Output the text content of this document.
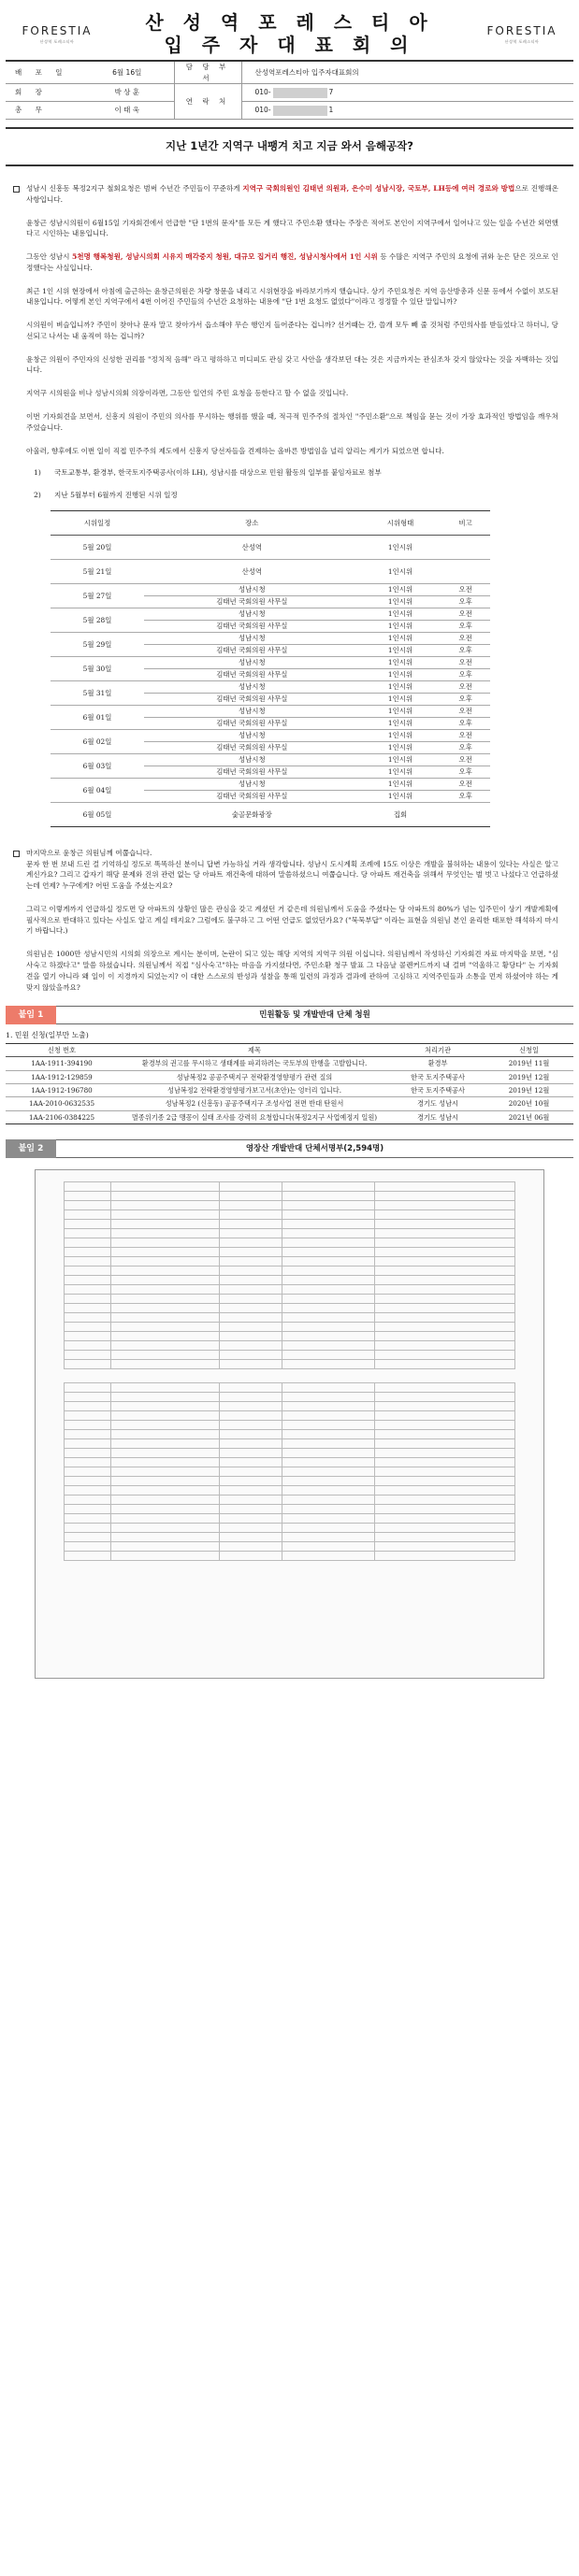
FORESTIA
산성역 포레스티아
산 성 역 포 레 스 티 아
입 주 자 대 표 회 의
FORESTIA
산성역 포레스티아
배 포 일	6월 16일	담 당 부 서	산성역포레스티아 입주자대표회의
회 장	박 상 훈	연 락 처	010- 7
총 무	이 태 욱		010- 1
지난 1년간 지역구 내팽겨 치고 지금 와서 음해공작?

성남시 신흥동 복정2지구 철회요청은 범써 수년간 주민들이 꾸준하게 지역구 국회의원인 김태년 의원과, 은수미 성남시장, 국토부, LH등에 여러 경로와 방법으로 진행해온 사항입니다.

윤창근 성남시의원이 6월15일 기자회견에서 언급한 "단 1번의 문자"를 모든 게 했다고 주민소환 했다는 주장은 적어도 본인이 지역구에서 일어나고 있는 일을 수년간 외면했다고 시인하는 내용입니다.

그동안 성남시 5천명 행복청원, 성남시의회 시유지 매각중지 청원, 대규모 집거리 행진, 성남시청사에서 1인 시위 등 수많은 지역구 주민의 요청에 귀와 눈은 닫은 것으로 인정했다는 사실입니다.

최근 1인 시위 현장에서 아침에 출근하는 윤창근의원은 차량 창문을 내리고 시위현장을 바라보기까지 했습니다. 상기 주민요청은 지역 음산방총과 신문 등에서 수없이 보도된 내용입니다. 어떻게 본인 지역구에서 4번 이어진 주민들의 수년간 요청하는 내용에 "단 1번 요청도 없었다"이라고 정정할 수 있단 말입니까?

시의원이 벼슬입니까? 주민이 찾아나 문자 말고 찾아가서 읍소해야 무슨 행인지 들어준다는 겁니까? 선거때는 간, 쓸개 모두 빼 줄 것처럼 주민의사를 받들었다고 하더니, 당선되고 나서는 내 움직여 하는 겁니까?

윤창근 의원이 주민자의 신성한 권리를 "정치적 음해" 라고 평하하고 미디피도 관심 갖고 사안을 생각보던 대는 것은 지금까지는 관심조차 갖지 않았다는 것을 자백하는 것입니다.

지역구 시의원을 비나 성남시의회 의장이라면, 그동안 일언의 주민 요청을 등한다고 할 수 없을 것입니다.

이번 기자회견을 보면서, 신흥지 의원이 주민의 의사를 무시하는 행위를 했을 때, 적극적 민주주의 절차인 "주민소환"으로 책임을 묻는 것이 가장 효과적인 방법임을 깨우쳐 주었습니다.

아울러, 향후에도 이번 일이 직접 민주주의 제도에서 신흥지 당선자들을 견제하는 올바른 방법임을 널리 알리는 계기가 되었으면 합니다.

1)	국토교통부, 환경부, 한국토지주택공사(이하 LH), 성남시를 대상으로 민원 활동의 일부를 붙임자료로 첨부
2)	지난 5월부터 6월까지 진행된 시위 일정
시위일정	장소	시위형태	비고
5월 20일	산성역	1인시위	
5월 21일	산성역	1인시위	
5월 27일	성남시청	1인시위	오전
	김태년 국회의원 사무실	1인시위	오후
5월 28일	성남시청	1인시위	오전
	김태년 국회의원 사무실	1인시위	오후
5월 29일	성남시청	1인시위	오전
	김태년 국회의원 사무실	1인시위	오후
5월 30일	성남시청	1인시위	오전
	김태년 국회의원 사무실	1인시위	오후
5월 31일	성남시청	1인시위	오전
	김태년 국회의원 사무실	1인시위	오후
6월 01일	성남시청	1인시위	오전
	김태년 국회의원 사무실	1인시위	오후
6월 02일	성남시청	1인시위	오전
	김태년 국회의원 사무실	1인시위	오후
6월 03일	성남시청	1인시위	오전
	김태년 국회의원 사무실	1인시위	오후
6월 04일	성남시청	1인시위	오전
	김태년 국회의원 사무실	1인시위	오후
6월 05일	숯골문화광장	집회	

마지막으로 윤창근 의원님께 여쭙습니다.

문자 한 번 보내 드린 걸 기억하실 정도로 똑똑하신 분이니 답변 가능하실 거라 생각합니다. 성남시 도시계획 조례에 15도 이상은 개발을 불허하는 내용이 있다는 사실은 알고 계신가요? 그리고 갑자기 해당 문제와 진위 관련 없는 당 아파트 재건축에 대하여 말씀하셨으니 여쭙습니다. 당 아파트 재건축을 위해서 무엇인는 벌 벗고 나섰다고 언급하셨는데 언제? 누구에게? 어떤 도움을 주셨는지요?

그리고 이렇게까지 언급하실 정도면 당 아파트의 상황인 많은 관심을 갖고 계셨던 거 같은데 의원님께서 도움을 주셨다는 당 아파트의 80%가 넘는 입주민이 상기 개발계획에 필사적으로 반대하고 있다는 사실도 알고 계실 테지요? 그럼에도 불구하고 그 어떤 언급도 없었던가요? ("묵묵부답" 이라는 표현을 의원님 본인 윤리한 태포한 해석하지 마시기 바랍니다.)

의원님은 1000만 성남시민의 시의회 의장으로 계시는 분이며, 논란이 되고 있는 해당 지역의 지역구 의원 이십니다. 의원님께서 작성하신 기자회견 자료 마지막을 보면, "심사숙고 하겠다고" 말씀 하셨습니다. 의원님께서 직접 "심사숙고"하는 마음을 가지셨다면, 주민소환 청구 발표 그 다음날 콜렌커드까지 내 걸며 "억울하고 황당다" 는 기자회견을 열기 아니라 왜 일이 이 지경까지 되었는지? 이 대한 스스로의 반성과 성찰을 통해 일련의 과정과 결과에 관하여 고심하고 지역주민들과 소통을 먼저 하셨어야 하는 게 맞지 않았을까요?

붙임 1	민원활동 및 개발반대 단체 청원
1. 민원 신청(일부만 노출)
신청 번호	제목	처리기관	신청일
1AA-1911-394190	환경부의 권고를 무시하고 생태계를 파괴하려는 국토부의 만행을 고발합니다.	환경부	2019년 11월
1AA-1912-129859	성남복정2 공공주택지구 전략환경영향평가 관련 질의	한국 토지주택공사	2019년 12월
1AA-1912-196780	성남복정2 전략환경영향평가보고서(초안)는 엉터리 입니다.	한국 토지주택공사	2019년 12월
1AA-2010-0632535	성남복정2 (신흥동) 공공주택지구 조성사업 전면 반대 탄원서	경기도 성남시	2020년 10월
1AA-2106-0384225	멸종위기종 2급 맹꽁이 실태 조사를 강력히 요청합니다(복정2지구 사업예정지 일원)	경기도 성남시	2021년 06월
붙임 2	영장산 개발반대 단체서명부(2,594명)
